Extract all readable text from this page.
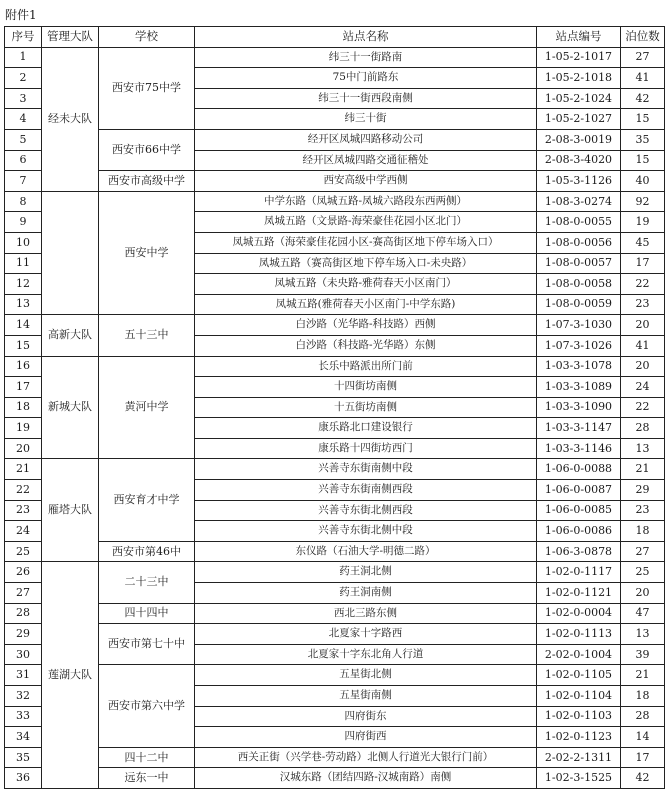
附件1
序号	管理大队	学校	站点名称	站点编号	泊位数
1	经未大队	西安市75中学	纬三十一街路南	1-05-2-1017	27
2			75中门前路东	1-05-2-1018	41
3			纬三十一街西段南侧	1-05-2-1024	42
4			纬三十街	1-05-2-1027	15
5		西安市66中学	经开区凤城四路移动公司	2-08-3-0019	35
6			经开区凤城四路交通征稽处	2-08-3-4020	15
7		西安市高级中学	西安高级中学西侧	1-05-3-1126	40
8		西安中学	中学东路（凤城五路-凤城六路段东西两侧）	1-08-3-0274	92
9			凤城五路（文景路-海荣豪佳花园小区北门）	1-08-0-0055	19
10			凤城五路（海荣豪佳花园小区-赛高街区地下停车场入口）	1-08-0-0056	45
11			凤城五路（赛高街区地下停车场入口-未央路）	1-08-0-0057	17
12			凤城五路（未央路-雅荷春天小区南门）	1-08-0-0058	22
13			凤城五路(雅荷春天小区南门-中学东路)	1-08-0-0059	23
14	高新大队	五十三中	白沙路（光华路-科技路）西侧	1-07-3-1030	20
15			白沙路（科技路-光华路）东侧	1-07-3-1026	41
16	新城大队	黄河中学	长乐中路派出所门前	1-03-3-1078	20
17			十四街坊南侧	1-03-3-1089	24
18			十五街坊南侧	1-03-3-1090	22
19			康乐路北口建设银行	1-03-3-1147	28
20			康乐路十四街坊西门	1-03-3-1146	13
21	雁塔大队	西安育才中学	兴善寺东街南侧中段	1-06-0-0088	21
22			兴善寺东街南侧西段	1-06-0-0087	29
23			兴善寺东街北侧西段	1-06-0-0085	23
24			兴善寺东街北侧中段	1-06-0-0086	18
25		西安市第46中	东仪路（石油大学-明德二路）	1-06-3-0878	27
26	莲湖大队	二十三中	药王洞北侧	1-02-0-1117	25
27			药王洞南侧	1-02-0-1121	20
28		四十四中	西北三路东侧	1-02-0-0004	47
29		西安市第七十中	北夏家十字路西	1-02-0-1113	13
30			北夏家十字东北角人行道	2-02-0-1004	39
31		西安市第六中学	五星街北侧	1-02-0-1105	21
32			五星街南侧	1-02-0-1104	18
33			四府街东	1-02-0-1103	28
34			四府街西	1-02-0-1123	14
35		四十二中	西关正街（兴学巷-劳动路）北侧人行道光大银行门前）	2-02-2-1311	17
36		远东一中	汉城东路（团结四路-汉城南路）南侧	1-02-3-1525	42
